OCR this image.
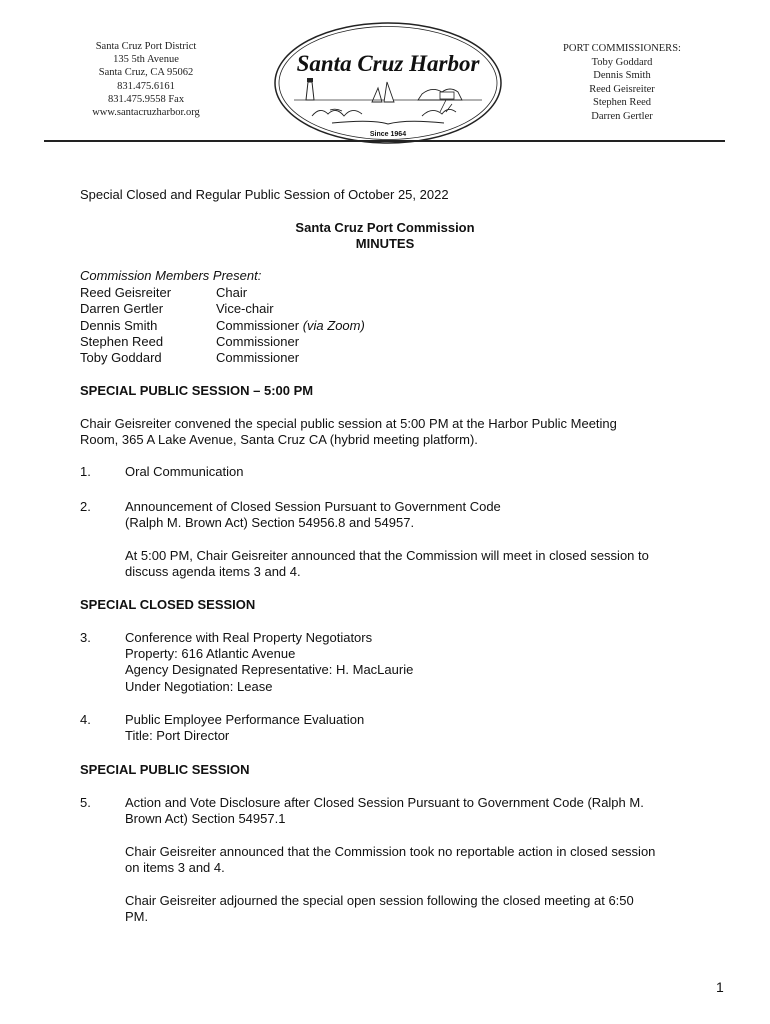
Santa Cruz Port District
135 5th Avenue
Santa Cruz, CA 95062
831.475.6161
831.475.9558 Fax
www.santacruzharbor.org
Santa Cruz Harbor
Since 1964
PORT COMMISSIONERS:
Toby Goddard
Dennis Smith
Reed Geisreiter
Stephen Reed
Darren Gertler
Special Closed and Regular Public Session of October 25, 2022
Santa Cruz Port Commission
MINUTES
Commission Members Present:
Reed Geisreiter	Chair
Darren Gertler	Vice-chair
Dennis Smith	Commissioner (via Zoom)
Stephen Reed	Commissioner
Toby Goddard	Commissioner
SPECIAL PUBLIC SESSION – 5:00 PM
Chair Geisreiter convened the special public session at 5:00 PM at the Harbor Public Meeting
Room, 365 A Lake Avenue, Santa Cruz CA (hybrid meeting platform).
1.	Oral Communication
2.	Announcement of Closed Session Pursuant to Government Code
(Ralph M. Brown Act) Section 54956.8 and 54957.
At 5:00 PM, Chair Geisreiter announced that the Commission will meet in closed session to
discuss agenda items 3 and 4.
SPECIAL CLOSED SESSION
3.	Conference with Real Property Negotiators
Property: 616 Atlantic Avenue
Agency Designated Representative: H. MacLaurie
Under Negotiation: Lease
4.	Public Employee Performance Evaluation
Title: Port Director
SPECIAL PUBLIC SESSION
5.	Action and Vote Disclosure after Closed Session Pursuant to Government Code (Ralph M.
Brown Act) Section 54957.1
Chair Geisreiter announced that the Commission took no reportable action in closed session
on items 3 and 4.
Chair Geisreiter adjourned the special open session following the closed meeting at 6:50
PM.
1
